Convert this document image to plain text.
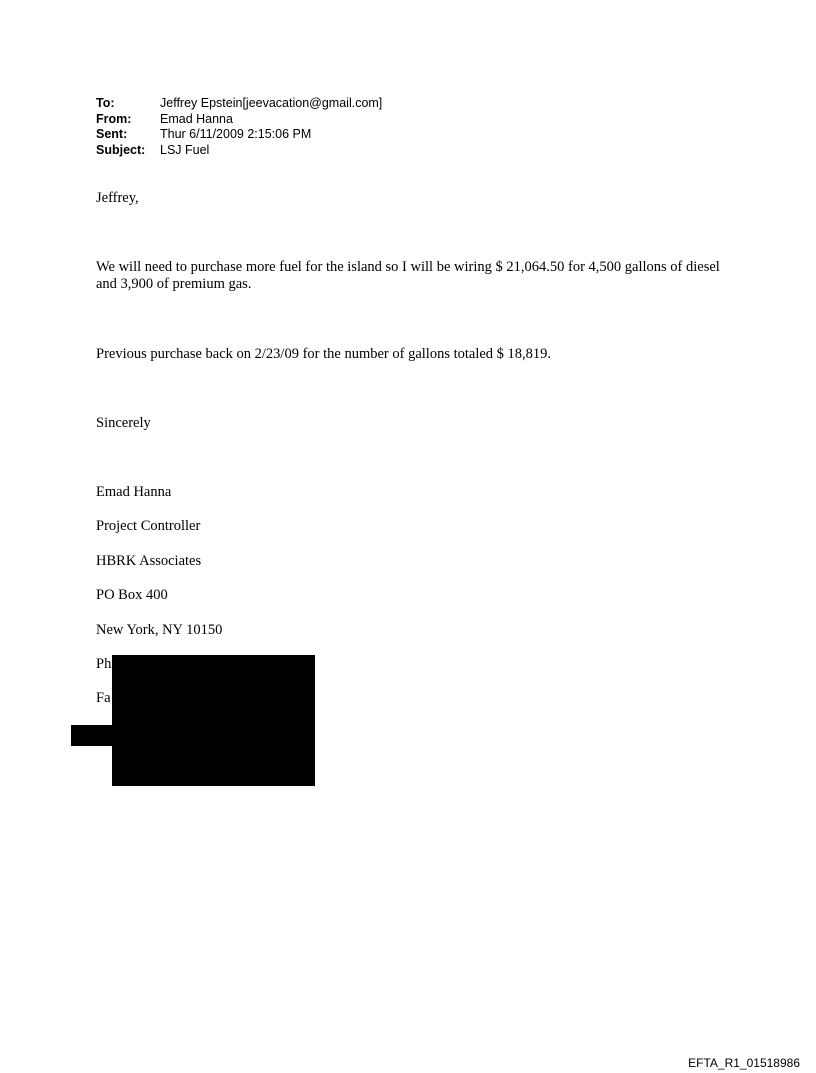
To:	Jeffrey Epstein[jeevacation@gmail.com]
From:	Emad Hanna
Sent:	Thur 6/11/2009 2:15:06 PM
Subject:	LSJ Fuel
Jeffrey,
We will need to purchase more fuel for the island so I will be wiring $ 21,064.50 for 4,500 gallons of diesel and 3,900 of premium gas.
Previous purchase back on 2/23/09 for the number of gallons totaled $ 18,819.
Sincerely
Emad Hanna
Project Controller
HBRK Associates
PO Box 400
New York, NY 10150
Ph
Fa
EFTA_R1_01518986
